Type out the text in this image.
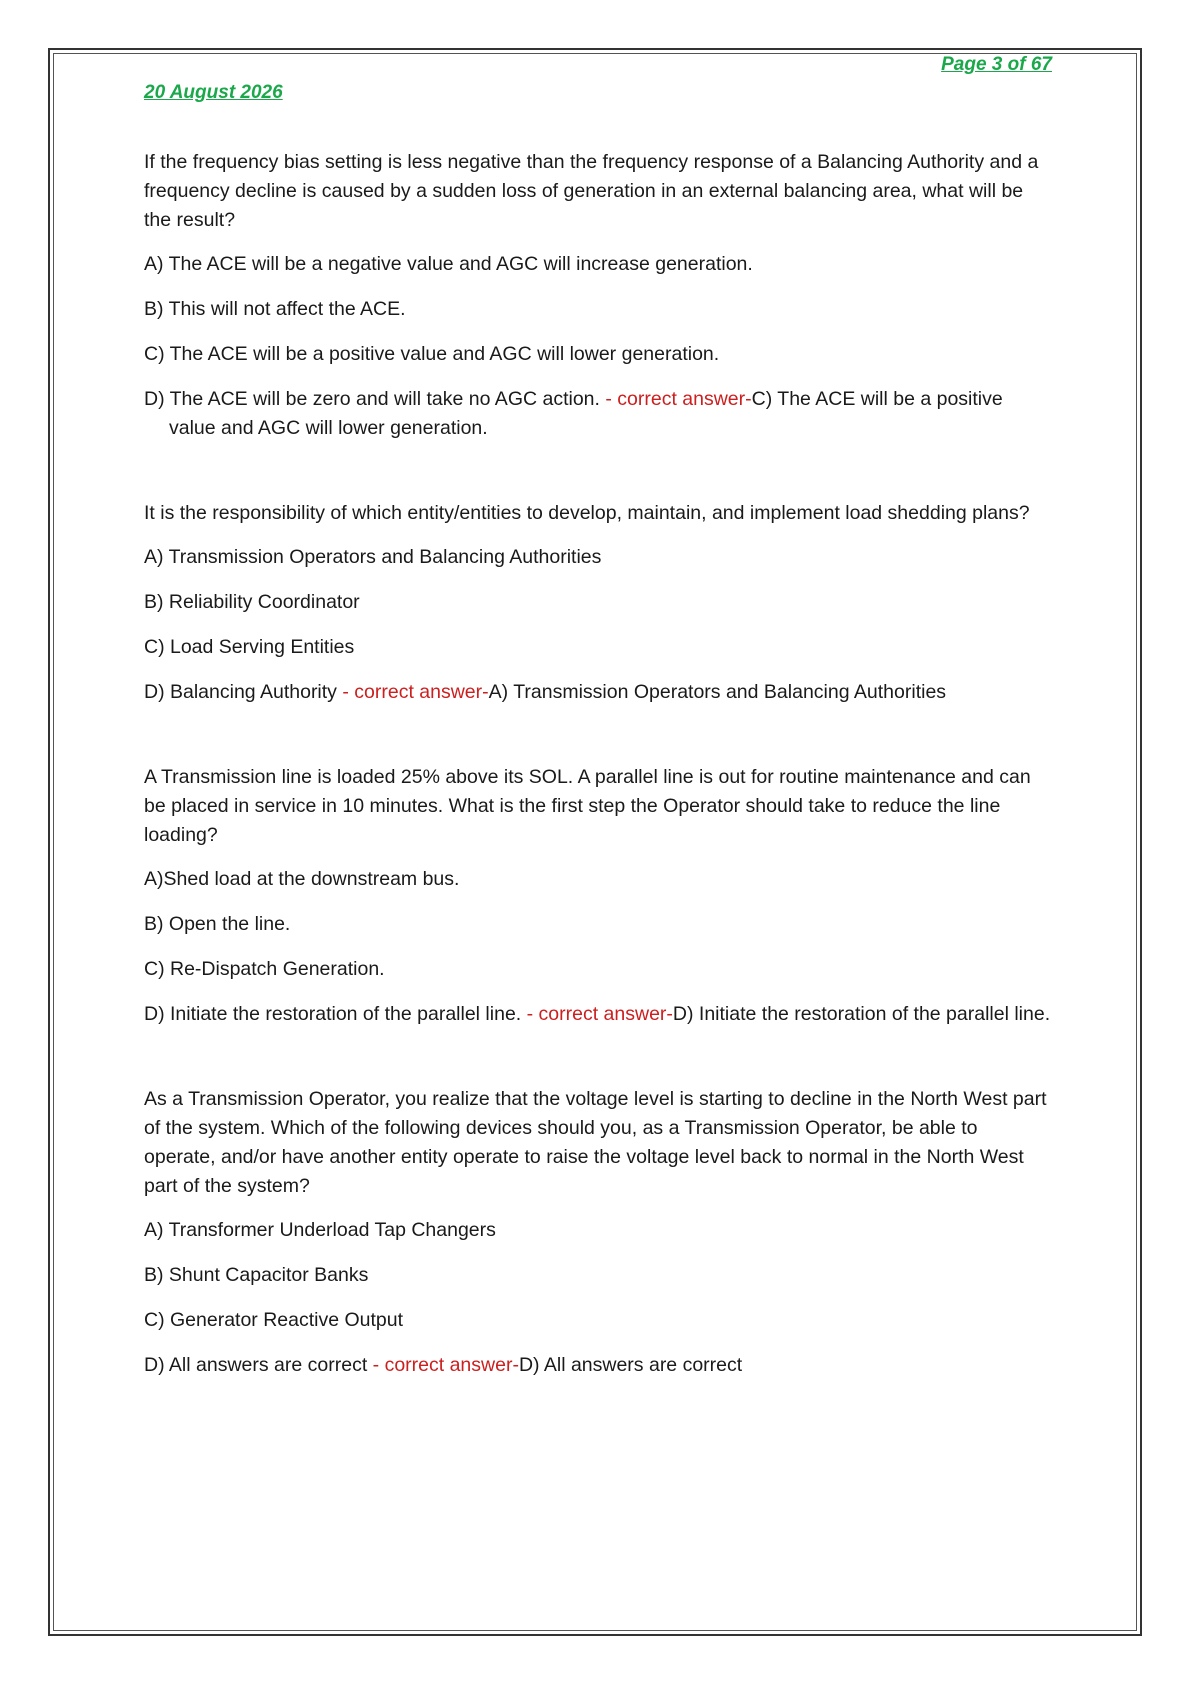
Page 3 of 67
20 August 2026

If the frequency bias setting is less negative than the frequency response of a Balancing Authority and a frequency decline is caused by a sudden loss of generation in an external balancing area, what will be the result?

A) The ACE will be a negative value and AGC will increase generation.

B) This will not affect the ACE.

C) The ACE will be a positive value and AGC will lower generation.

D) The ACE will be zero and will take no AGC action. - correct answer-C) The ACE will be a positive value and AGC will lower generation.

It is the responsibility of which entity/entities to develop, maintain, and implement load shedding plans?

A) Transmission Operators and Balancing Authorities

B) Reliability Coordinator

C) Load Serving Entities

D) Balancing Authority - correct answer-A) Transmission Operators and Balancing Authorities

A Transmission line is loaded 25% above its SOL. A parallel line is out for routine maintenance and can be placed in service in 10 minutes. What is the first step the Operator should take to reduce the line loading?

A)Shed load at the downstream bus.

B) Open the line.

C) Re-Dispatch Generation.

D) Initiate the restoration of the parallel line. - correct answer-D) Initiate the restoration of the parallel line.

As a Transmission Operator, you realize that the voltage level is starting to decline in the North West part of the system. Which of the following devices should you, as a Transmission Operator, be able to operate, and/or have another entity operate to raise the voltage level back to normal in the North West part of the system?

A) Transformer Underload Tap Changers

B) Shunt Capacitor Banks

C) Generator Reactive Output

D) All answers are correct - correct answer-D) All answers are correct
